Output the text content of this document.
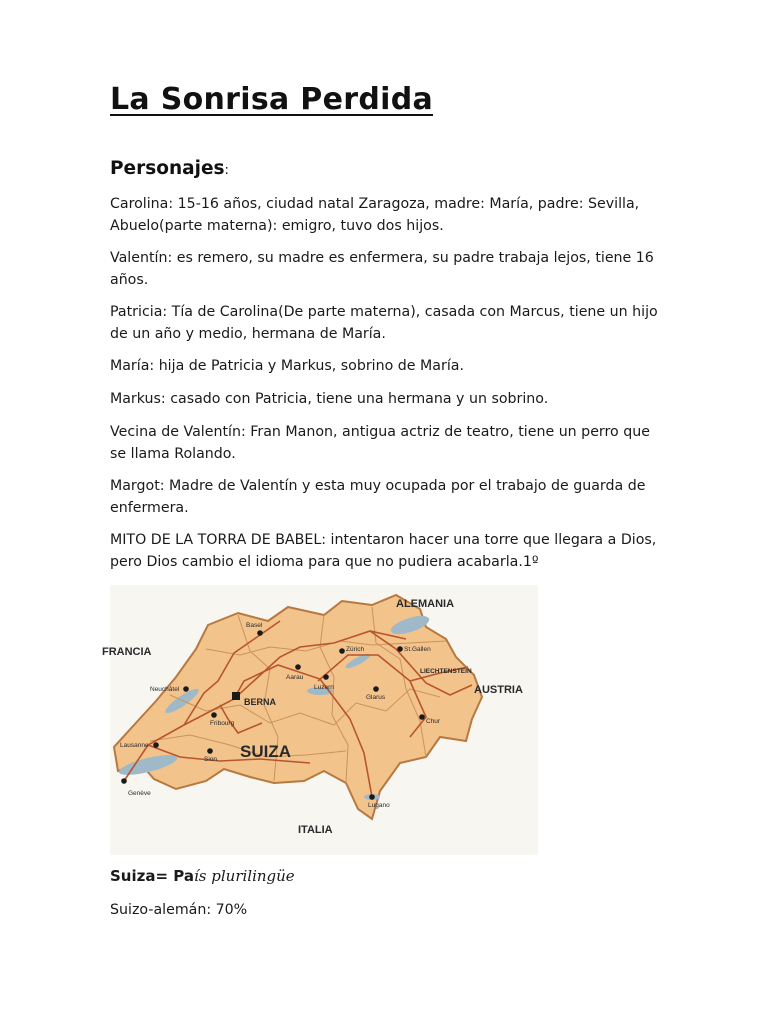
La Sonrisa Perdida
Personajes:

Carolina: 15-16 años, ciudad natal Zaragoza, madre: María, padre: Sevilla, Abuelo(parte materna): emigro, tuvo dos hijos.

Valentín: es remero, su madre es enfermera, su padre trabaja lejos, tiene 16 años.

Patricia: Tía de Carolina(De parte materna), casada con Marcus, tiene un hijo de un año y medio, hermana de María.

María: hija de Patricia y Markus, sobrino de María.

Markus: casado con Patricia, tiene una hermana y un sobrino.

Vecina de Valentín: Fran Manon, antigua actriz de teatro, tiene un perro que se llama Rolando.

Margot: Madre de Valentín y esta muy ocupada por el trabajo de guarda de enfermera.

MITO DE LA TORRA DE BABEL: intentaron hacer una torre que llegara a Dios, pero Dios cambio el idioma para que no pudiera acabarla.1º

ALEMANIA
FRANCIA
AUSTRIA
ITALIA
LIECHTENSTEIN
SUIZA
BERNA
Basel
Zürich	St.Gallen
Aarau
Luzern
Glarus
Neuchâtel
Fribourg	Chur
Lausanne
Sion
Genève
Lugano

Suiza= País plurilingüe

Suizo-alemán: 70%
